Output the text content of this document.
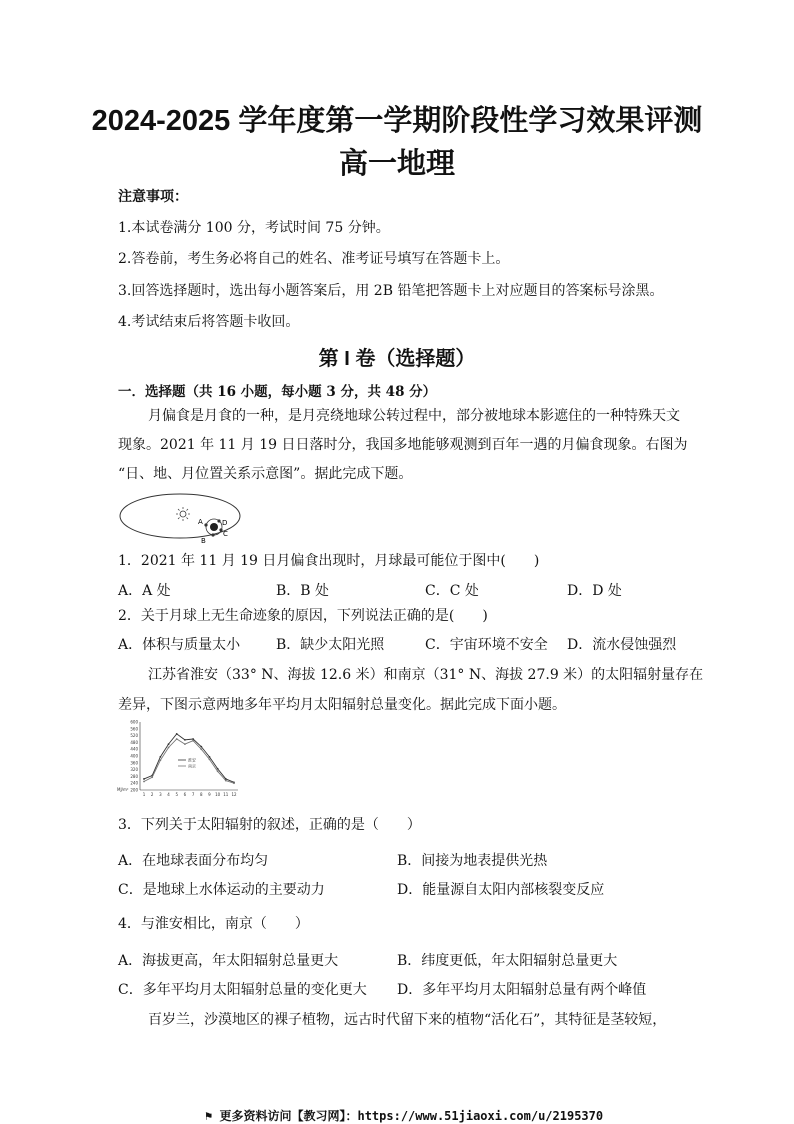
2024-2025 学年度第一学期阶段性学习效果评测
高一地理
注意事项：
1.本试卷满分 100 分，考试时间 75 分钟。
2.答卷前，考生务必将自己的姓名、准考证号填写在答题卡上。
3.回答选择题时，选出每小题答案后，用 2B 铅笔把答题卡上对应题目的答案标号涂黑。
4.考试结束后将答题卡收回。
第 I 卷（选择题）
一．选择题（共 16 小题，每小题 3 分，共 48 分）
月偏食是月食的一种，是月亮绕地球公转过程中，部分被地球本影遮住的一种特殊天文
现象。2021 年 11 月 19 日日落时分，我国多地能够观测到百年一遇的月偏食现象。右图为
“日、地、月位置关系示意图”。据此完成下题。
A
B
C
D
1．2021 年 11 月 19 日月偏食出现时，月球最可能位于图中(　　)
A．A 处	B．B 处	C．C 处	D．D 处
2．关于月球上无生命迹象的原因，下列说法正确的是(　　)
A．体积与质量太小	B．缺少太阳光照	C．宇宙环境不安全 D．流水侵蚀强烈
江苏省淮安（33° N、海拔 12.6 米）和南京（31° N、海拔 27.9 米）的太阳辐射量存在
差异，下图示意两地多年平均月太阳辐射总量变化。据此完成下面小题。
600
560
520
480
440
400
360
320
280
240
200
1 2 3 4 5 6 7 8 9 10 11 12
淮安
南京
MJ/m²
3．下列关于太阳辐射的叙述，正确的是（　　）
A．在地球表面分布均匀	B．间接为地表提供光热
C．是地球上水体运动的主要动力	D．能量源自太阳内部核裂变反应
4．与淮安相比，南京（　　）
A．海拔更高，年太阳辐射总量更大	B．纬度更低，年太阳辐射总量更大
C．多年平均月太阳辐射总量的变化更大 D．多年平均月太阳辐射总量有两个峰值
百岁兰，沙漠地区的裸子植物，远古时代留下来的植物“活化石”，其特征是茎较短，
⚑ 更多资料访问【教习网】：https://www.51jiaoxi.com/u/2195370
